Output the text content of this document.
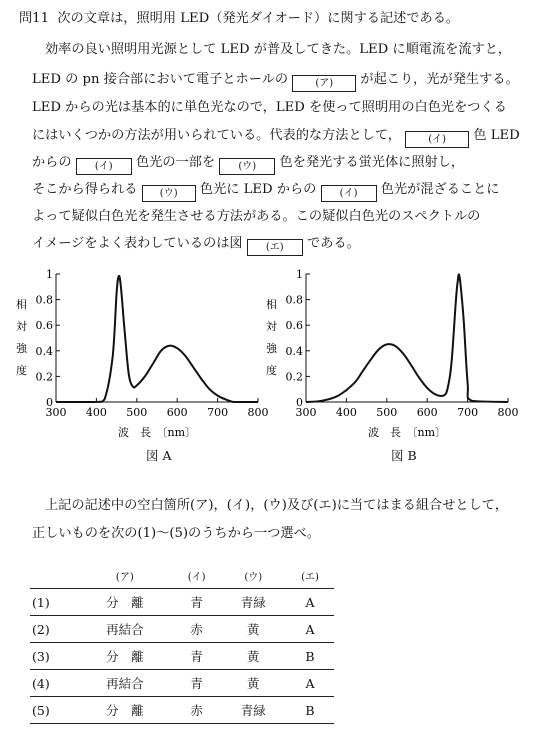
問11 次の文章は，照明用 LED（発光ダイオード）に関する記述である。
効率の良い照明用光源として LED が普及してきた。LED に順電流を流すと，
LED の pn 接合部において電子とホールの	(ア) が起こり，光が発生する。
LED からの光は基本的に単色光なので，LED を使って照明用の白色光をつくる
にはいくつかの方法が用いられている。代表的な方法として，	(イ) 色 LED
からの (イ) 色光の一部を (ウ) 色を発光する蛍光体に照射し，
そこから得られる (ウ) 色光に LED からの (イ) 色光が混ざることに
よって疑似白色光を発生させる方法がある。この疑似白色光のスペクトルの
イメージをよく表わしているのは図 (エ) である。
相
対
強
度
0
0.2
0.4
0.6
0.8
1
300 400 500 600 700 800
波　長　〔nm〕
図 A
相
対
強
度
0
0.2
0.4
0.6
0.8
1
300 400 500 600 700 800
波　長　〔nm〕
図 B
上記の記述中の空白箇所(ア)，(イ)，(ウ)及び(エ)に当てはまる組合せとして，
正しいものを次の(1)〜(5)のうちから一つ選べ。
	(ア)	(イ)	(ウ)	(エ)
(1)	分　離	青	青緑	A
(2)	再結合	赤	黄	A
(3)	分　離	青	黄	B
(4)	再結合	青	黄	A
(5)	分　離	赤	青緑	B
